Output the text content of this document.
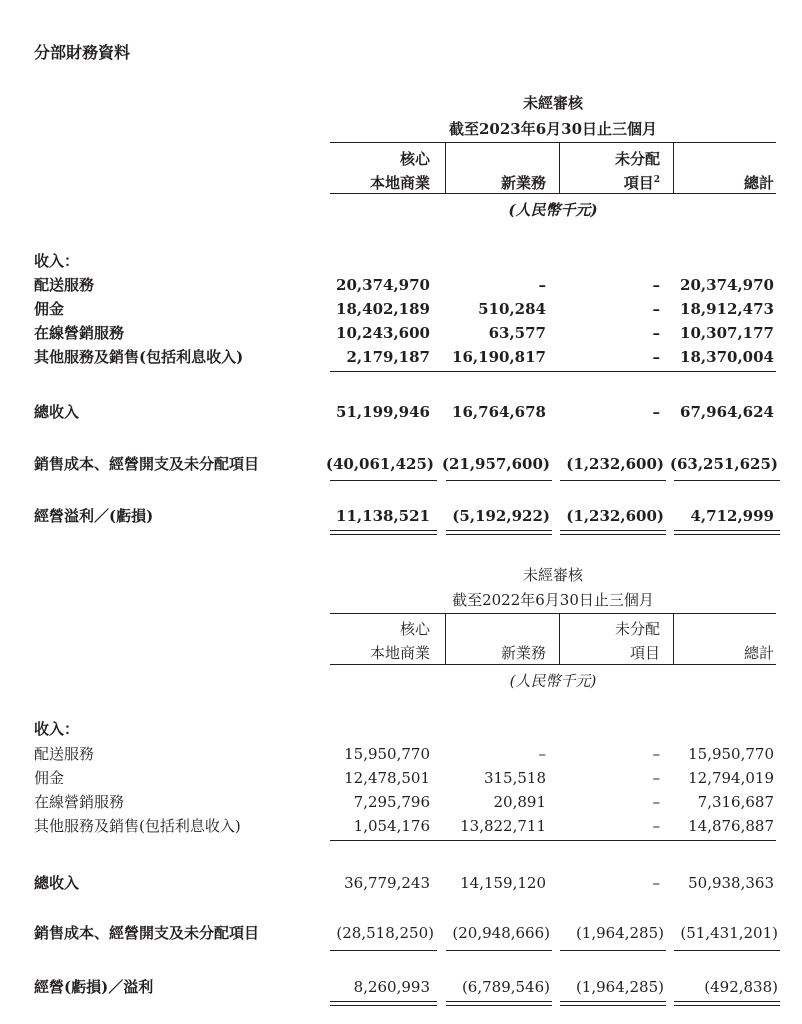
分部財務資料
未經審核
截至2023年6月30日止三個月
核心
本地商業	新業務
未分配
項目$^2$	總計
(人民幣千元)
收入：
配送服務	20,374,970	–	–	20,374,970
佣金	18,402,189	510,284	–	18,912,473
在線營銷服務	10,243,600	63,577	–	10,307,177
其他服務及銷售(包括利息收入)	2,179,187	16,190,817	–	18,370,004
總收入	51,199,946	16,764,678	–	67,964,624
銷售成本、經營開支及未分配項目	(40,061,425) (21,957,600)	(1,232,600) (63,251,625)
經營溢利／(虧損)	11,138,521	(5,192,922)	(1,232,600)	4,712,999
未經審核
截至2022年6月30日止三個月
核心
本地商業	新業務
未分配
項目	總計
(人民幣千元)
收入：
配送服務	15,950,770	–	–	15,950,770
佣金	12,478,501	315,518	–	12,794,019
在線營銷服務	7,295,796	20,891	–	7,316,687
其他服務及銷售(包括利息收入)	1,054,176	13,822,711	–	14,876,887
總收入	36,779,243	14,159,120	–	50,938,363
銷售成本、經營開支及未分配項目	(28,518,250)	(20,948,666)	(1,964,285)	(51,431,201)
經營(虧損)／溢利	8,260,993	(6,789,546)	(1,964,285)	(492,838)
